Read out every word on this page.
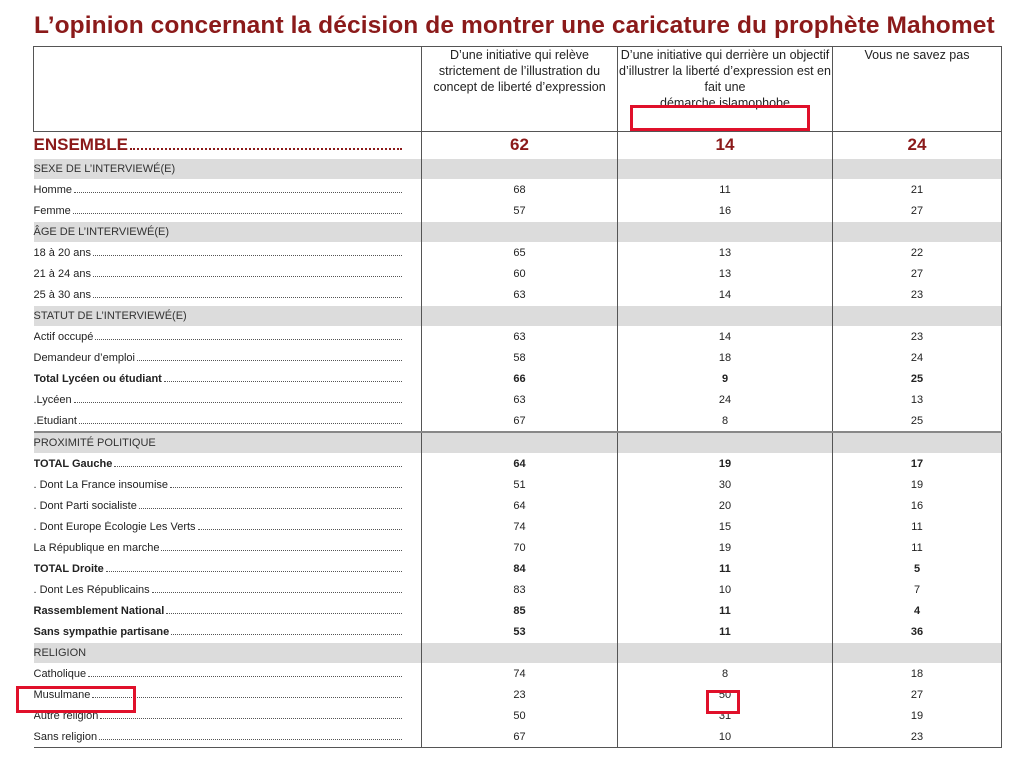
L’opinion concernant la décision de montrer une caricature du prophète Mahomet
	D’une initiative qui relève strictement de l’illustration du concept de liberté d’expression	D’une initiative qui derrière un objectif d’illustrer la liberté d’expression est en fait une

démarche islamophobe	Vous ne savez pas

ENSEMBLE	62	14	24
SEXE DE L’INTERVIEWÉ(E)			

Homme	68	11	21

Femme	57	16	27
ÂGE DE L’INTERVIEWÉ(E)			

18 à 20 ans	65	13	22

21 à 24 ans	60	13	27

25 à 30 ans	63	14	23
STATUT DE L’INTERVIEWÉ(E)			

Actif occupé	63	14	23

Demandeur d’emploi	58	18	24

Total Lycéen ou étudiant	66	9	25

.Lycéen	63	24	13

.Etudiant	67	8	25
PROXIMITÉ POLITIQUE			

TOTAL Gauche	64	19	17

. Dont La France insoumise	51	30	19

. Dont Parti socialiste	64	20	16

. Dont Europe Écologie Les Verts	74	15	11

La République en marche	70	19	11

TOTAL Droite	84	11	5

. Dont Les Républicains	83	10	7

Rassemblement National	85	11	4

Sans sympathie partisane	53	11	36
RELIGION			

Catholique	74	8	18

Musulmane	23	50	27

Autre religion	50	31	19

Sans religion	67	10	23
